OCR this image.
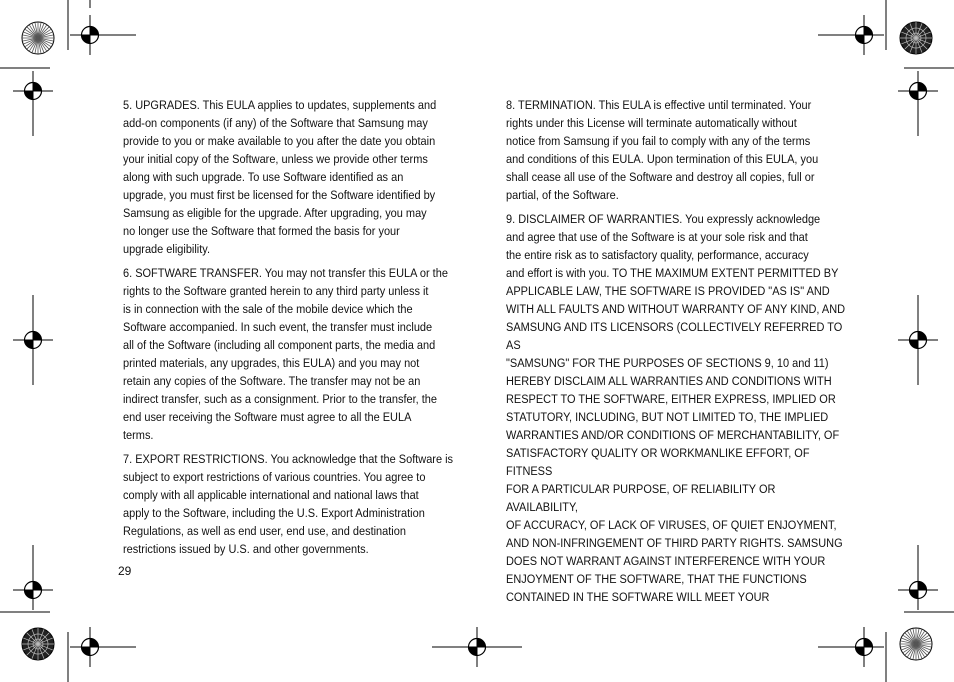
5. UPGRADES. This EULA applies to updates, supplements and
add-on components (if any) of the Software that Samsung may
provide to you or make available to you after the date you obtain
your initial copy of the Software, unless we provide other terms
along with such upgrade. To use Software identified as an
upgrade, you must first be licensed for the Software identified by
Samsung as eligible for the upgrade. After upgrading, you may
no longer use the Software that formed the basis for your
upgrade eligibility.

6. SOFTWARE TRANSFER. You may not transfer this EULA or the
rights to the Software granted herein to any third party unless it
is in connection with the sale of the mobile device which the
Software accompanied. In such event, the transfer must include
all of the Software (including all component parts, the media and
printed materials, any upgrades, this EULA) and you may not
retain any copies of the Software. The transfer may not be an
indirect transfer, such as a consignment. Prior to the transfer, the
end user receiving the Software must agree to all the EULA
terms.

7. EXPORT RESTRICTIONS. You acknowledge that the Software is
subject to export restrictions of various countries. You agree to
comply with all applicable international and national laws that
apply to the Software, including the U.S. Export Administration
Regulations, as well as end user, end use, and destination
restrictions issued by U.S. and other governments.

8. TERMINATION. This EULA is effective until terminated. Your
rights under this License will terminate automatically without
notice from Samsung if you fail to comply with any of the terms
and conditions of this EULA. Upon termination of this EULA, you
shall cease all use of the Software and destroy all copies, full or
partial, of the Software.

9. DISCLAIMER OF WARRANTIES. You expressly acknowledge
and agree that use of the Software is at your sole risk and that
the entire risk as to satisfactory quality, performance, accuracy
and effort is with you. TO THE MAXIMUM EXTENT PERMITTED BY
APPLICABLE LAW, THE SOFTWARE IS PROVIDED "AS IS" AND
WITH ALL FAULTS AND WITHOUT WARRANTY OF ANY KIND, AND
SAMSUNG AND ITS LICENSORS (COLLECTIVELY REFERRED TO AS
"SAMSUNG" FOR THE PURPOSES OF SECTIONS 9, 10 and 11)
HEREBY DISCLAIM ALL WARRANTIES AND CONDITIONS WITH
RESPECT TO THE SOFTWARE, EITHER EXPRESS, IMPLIED OR
STATUTORY, INCLUDING, BUT NOT LIMITED TO, THE IMPLIED
WARRANTIES AND/OR CONDITIONS OF MERCHANTABILITY, OF
SATISFACTORY QUALITY OR WORKMANLIKE EFFORT, OF FITNESS
FOR A PARTICULAR PURPOSE, OF RELIABILITY OR AVAILABILITY,
OF ACCURACY, OF LACK OF VIRUSES, OF QUIET ENJOYMENT,
AND NON-INFRINGEMENT OF THIRD PARTY RIGHTS. SAMSUNG
DOES NOT WARRANT AGAINST INTERFERENCE WITH YOUR
ENJOYMENT OF THE SOFTWARE, THAT THE FUNCTIONS
CONTAINED IN THE SOFTWARE WILL MEET YOUR

29
